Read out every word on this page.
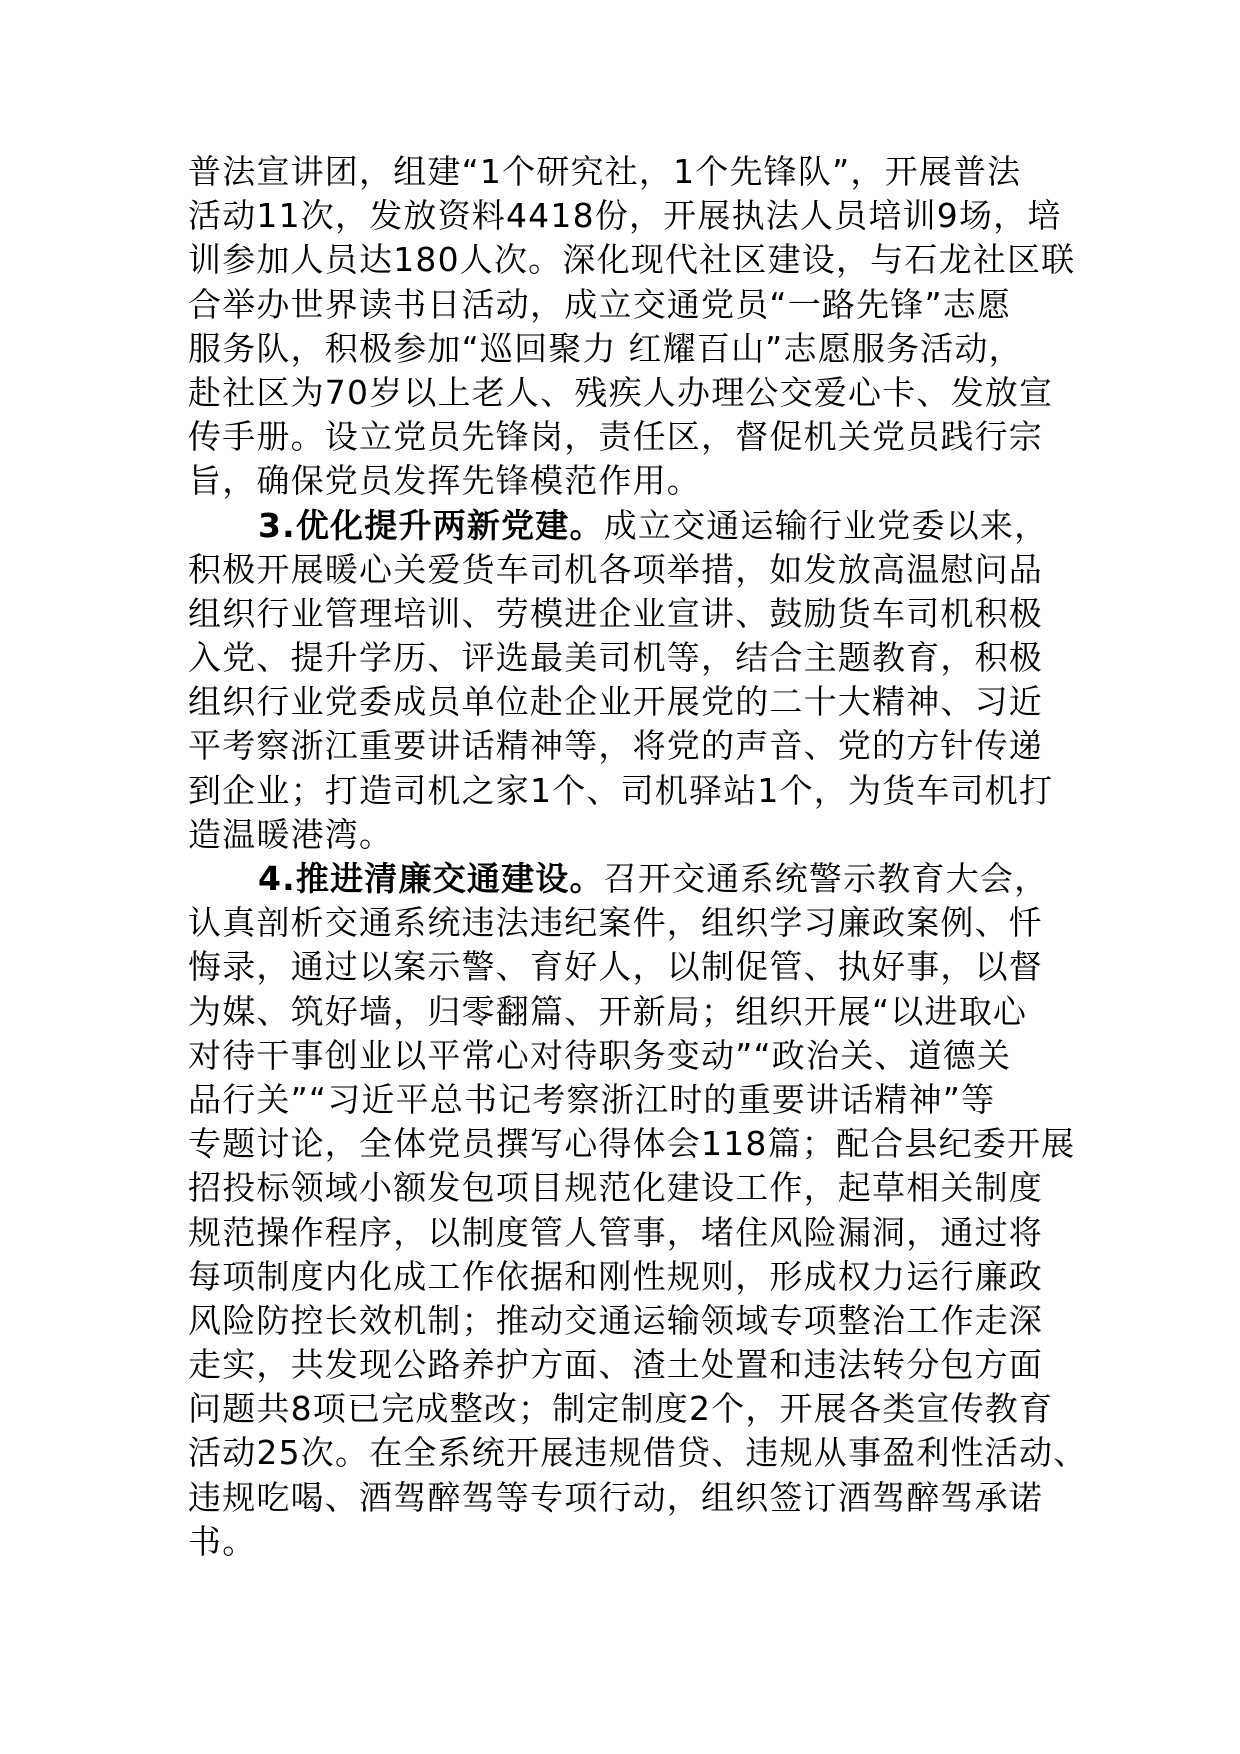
普法宣讲团，组建“1个研究社，1个先锋队”，开展普法
活动11次，发放资料4418份，开展执法人员培训9场，培
训参加人员达180人次。深化现代社区建设，与石龙社区联
合举办世界读书日活动，成立交通党员“一路先锋”志愿
服务队，积极参加“巡回聚力 红耀百山”志愿服务活动，
赴社区为70岁以上老人、残疾人办理公交爱心卡、发放宣
传手册。设立党员先锋岗，责任区，督促机关党员践行宗
旨，确保党员发挥先锋模范作用。
3.优化提升两新党建。成立交通运输行业党委以来，
积极开展暖心关爱货车司机各项举措，如发放高温慰问品
组织行业管理培训、劳模进企业宣讲、鼓励货车司机积极
入党、提升学历、评选最美司机等，结合主题教育，积极
组织行业党委成员单位赴企业开展党的二十大精神、习近
平考察浙江重要讲话精神等，将党的声音、党的方针传递
到企业；打造司机之家1个、司机驿站1个，为货车司机打
造温暖港湾。
4.推进清廉交通建设。召开交通系统警示教育大会，
认真剖析交通系统违法违纪案件，组织学习廉政案例、忏
悔录，通过以案示警、育好人，以制促管、执好事，以督
为媒、筑好墙，归零翻篇、开新局；组织开展“以进取心
对待干事创业以平常心对待职务变动”“政治关、道德关
品行关”“习近平总书记考察浙江时的重要讲话精神”等
专题讨论，全体党员撰写心得体会118篇；配合县纪委开展
招投标领域小额发包项目规范化建设工作，起草相关制度
规范操作程序，以制度管人管事，堵住风险漏洞，通过将
每项制度内化成工作依据和刚性规则，形成权力运行廉政
风险防控长效机制；推动交通运输领域专项整治工作走深
走实，共发现公路养护方面、渣土处置和违法转分包方面
问题共8项已完成整改；制定制度2个，开展各类宣传教育
活动25次。在全系统开展违规借贷、违规从事盈利性活动、
违规吃喝、酒驾醉驾等专项行动，组织签订酒驾醉驾承诺
书。
